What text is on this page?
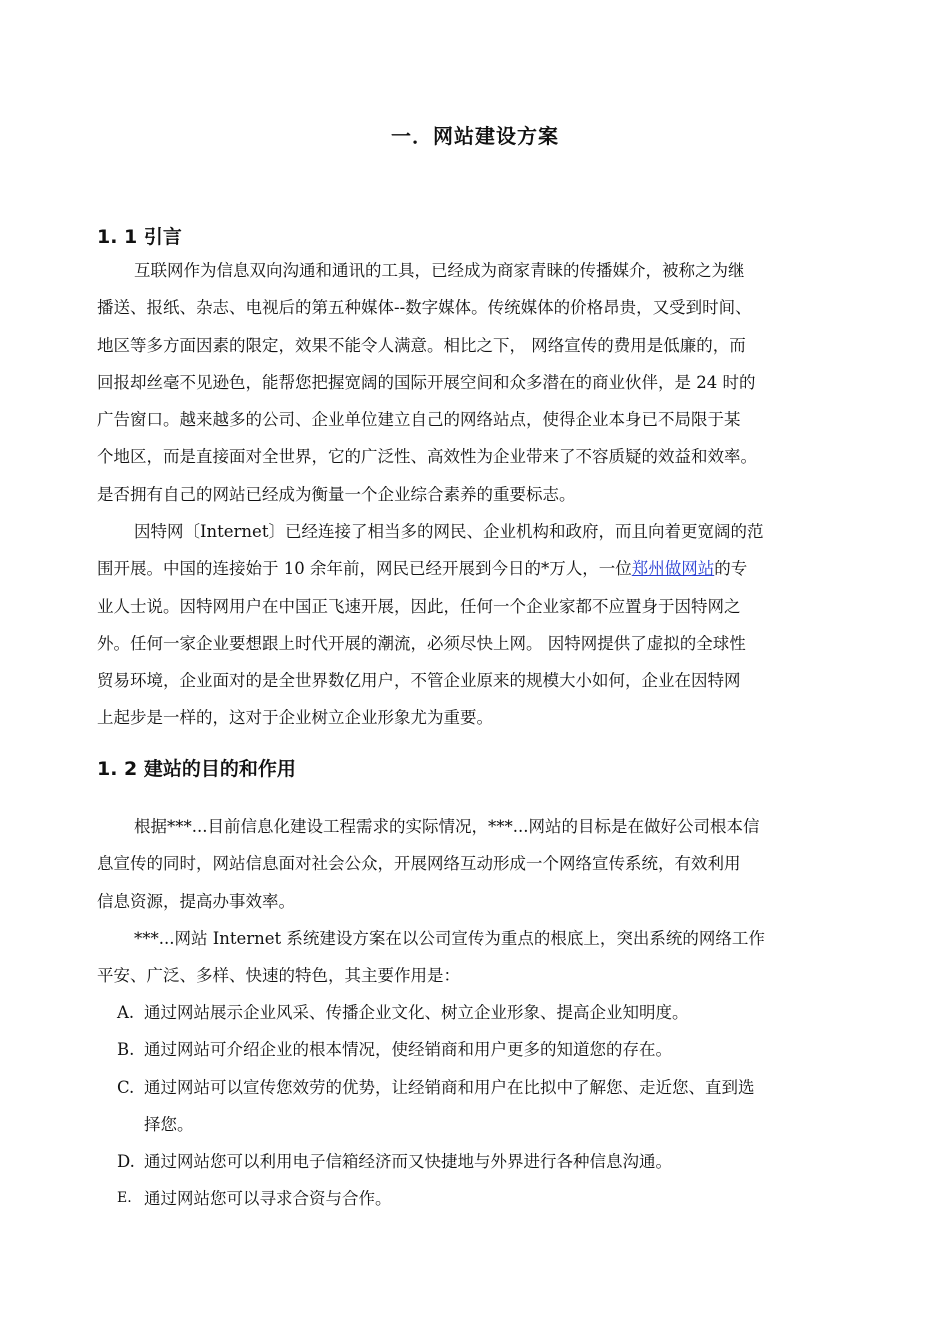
一．网站建设方案
1. 1 引言
互联网作为信息双向沟通和通讯的工具，已经成为商家青睐的传播媒介，被称之为继
播送、报纸、杂志、电视后的第五种媒体--数字媒体。传统媒体的价格昂贵，又受到时间、
地区等多方面因素的限定，效果不能令人满意。相比之下， 网络宣传的费用是低廉的，而
回报却丝毫不见逊色，能帮您把握宽阔的国际开展空间和众多潜在的商业伙伴，是 24 时的
广告窗口。越来越多的公司、企业单位建立自己的网络站点，使得企业本身已不局限于某
个地区，而是直接面对全世界，它的广泛性、高效性为企业带来了不容质疑的效益和效率。
是否拥有自己的网站已经成为衡量一个企业综合素养的重要标志。
因特网〔Internet〕已经连接了相当多的网民、企业机构和政府，而且向着更宽阔的范
围开展。中国的连接始于 10 余年前，网民已经开展到今日的*万人，一位郑州做网站的专
业人士说。因特网用户在中国正飞速开展，因此，任何一个企业家都不应置身于因特网之
外。任何一家企业要想跟上时代开展的潮流，必须尽快上网。 因特网提供了虚拟的全球性
贸易环境，企业面对的是全世界数亿用户，不管企业原来的规模大小如何，企业在因特网
上起步是一样的，这对于企业树立企业形象尤为重要。
1. 2 建站的目的和作用
根据***...目前信息化建设工程需求的实际情况，***...网站的目标是在做好公司根本信
息宣传的同时，网站信息面对社会公众，开展网络互动形成一个网络宣传系统，有效利用
信息资源，提高办事效率。
***...网站 Internet 系统建设方案在以公司宣传为重点的根底上，突出系统的网络工作
平安、广泛、多样、快速的特色，其主要作用是：
A. 通过网站展示企业风采、传播企业文化、树立企业形象、提高企业知明度。
B. 通过网站可介绍企业的根本情况，使经销商和用户更多的知道您的存在。
C. 通过网站可以宣传您效劳的优势，让经销商和用户在比拟中了解您、走近您、直到选
择您。
D. 通过网站您可以利用电子信箱经济而又快捷地与外界进行各种信息沟通。
E. 通过网站您可以寻求合资与合作。
